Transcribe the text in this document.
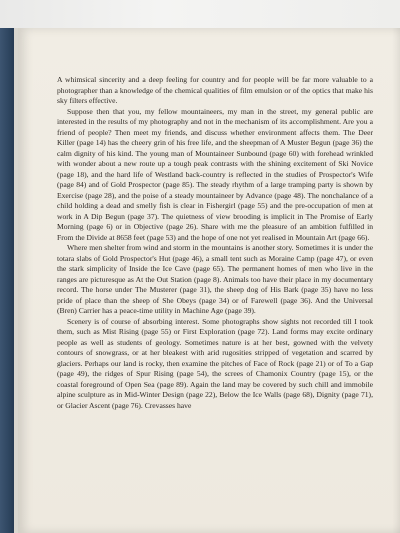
A whimsical sincerity and a deep feeling for country and for people will be far more valuable to a photographer than a knowledge of the chemical qualities of film emulsion or of the optics that make his sky filters effective.

Suppose then that you, my fellow mountaineers, my man in the street, my general public are interested in the results of my photography and not in the mechanism of its accomplishment. Are you a friend of people? Then meet my friends, and discuss whether environment affects them. The Deer Killer (page 14) has the cheery grin of his free life, and the sheepman of A Muster Begun (page 36) the calm dignity of his kind. The young man of Mountaineer Sunbound (page 60) with forehead wrinkled with wonder about a new route up a tough peak contrasts with the shining excitement of Ski Novice (page 18), and the hard life of Westland back-country is reflected in the studies of Prospector's Wife (page 84) and of Gold Prospector (page 85). The steady rhythm of a large tramping party is shown by Exercise (page 28), and the poise of a steady mountaineer by Advance (page 48). The nonchalance of a child holding a dead and smelly fish is clear in Fishergirl (page 55) and the pre-occupation of men at work in A Dip Begun (page 37). The quietness of view brooding is implicit in The Promise of Early Morning (page 6) or in Objective (page 26). Share with me the pleasure of an ambition fulfilled in From the Divide at 8658 feet (page 53) and the hope of one not yet realised in Mountain Art (page 66).

Where men shelter from wind and storm in the mountains is another story. Sometimes it is under the totara slabs of Gold Prospector's Hut (page 46), a small tent such as Moraine Camp (page 47), or even the stark simplicity of Inside the Ice Cave (page 65). The permanent homes of men who live in the ranges are picturesque as At the Out Station (page 8). Animals too have their place in my documentary record. The horse under The Musterer (page 31), the sheep dog of His Bark (page 35) have no less pride of place than the sheep of She Obeys (page 34) or of Farewell (page 36). And the Universal (Bren) Carrier has a peace-time utility in Machine Age (page 39).

Scenery is of course of absorbing interest. Some photographs show sights not recorded till I took them, such as Mist Rising (page 55) or First Exploration (page 72). Land forms may excite ordinary people as well as students of geology. Sometimes nature is at her best, gowned with the velvety contours of snowgrass, or at her bleakest with arid rugosities stripped of vegetation and scarred by glaciers. Perhaps our land is rocky, then examine the pitches of Face of Rock (page 21) or of To a Gap (page 49), the ridges of Spur Rising (page 54), the screes of Chamonix Country (page 15), or the coastal foreground of Open Sea (page 89). Again the land may be covered by such chill and immobile alpine sculpture as in Mid-Winter Design (page 22), Below the Ice Walls (page 68), Dignity (page 71), or Glacier Ascent (page 76). Crevasses have
